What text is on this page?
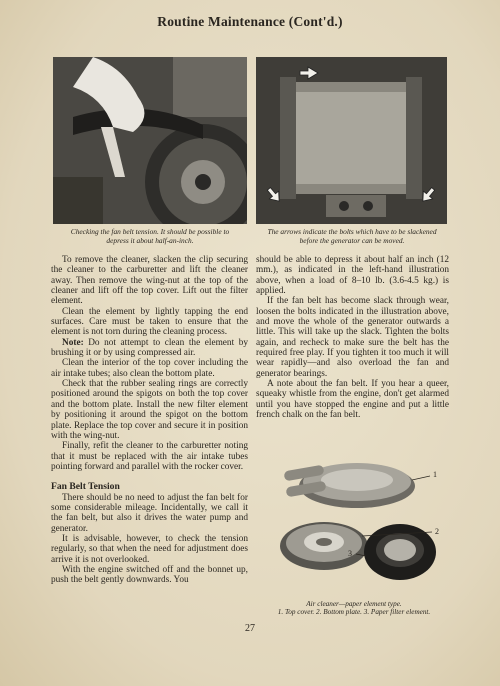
Routine Maintenance (Cont'd.)
Checking the fan belt tension. It should be possible to
depress it about half-an-inch.
The arrows indicate the bolts which have to be slackened
before the generator can be moved.

To remove the cleaner, slacken the clip securing the cleaner to the carburetter and lift the cleaner away. Then remove the wing-nut at the top of the cleaner and lift off the top cover. Lift out the filter element.

Clean the element by lightly tapping the end surfaces. Care must be taken to ensure that the element is not torn during the cleaning process.

Note: Do not attempt to clean the element by brushing it or by using compressed air.

Clean the interior of the top cover including the air intake tubes; also clean the bottom plate.

Check that the rubber sealing rings are correctly positioned around the spigots on both the top cover and the bottom plate. Install the new filter element by positioning it around the spigot on the bottom plate. Replace the top cover and secure it in position with the wing-nut.

Finally, refit the cleaner to the carburetter noting that it must be replaced with the air intake tubes pointing forward and parallel with the rocker cover.

Fan Belt Tension

There should be no need to adjust the fan belt for some considerable mileage. Incidentally, we call it the fan belt, but also it drives the water pump and generator.

It is advisable, however, to check the tension regularly, so that when the need for adjustment does arrive it is not overlooked.

With the engine switched off and the bonnet up, push the belt gently downwards. You

should be able to depress it about half an inch (12 mm.), as indicated in the left-hand illustration above, when a load of 8–10 lb. (3.6-4.5 kg.) is applied.

If the fan belt has become slack through wear, loosen the bolts indicated in the illustration above, and move the whole of the generator outwards a little. This will take up the slack. Tighten the bolts again, and recheck to make sure the belt has the required free play. If you tighten it too much it will wear rapidly—and also overload the fan and generator bearings.

A note about the fan belt. If you hear a queer, squeaky whistle from the engine, don't get alarmed until you have stopped the engine and put a little french chalk on the fan belt.

1
2
3
Air cleaner—paper element type.
1. Top cover. 2. Bottom plate. 3. Paper filter element.
27
